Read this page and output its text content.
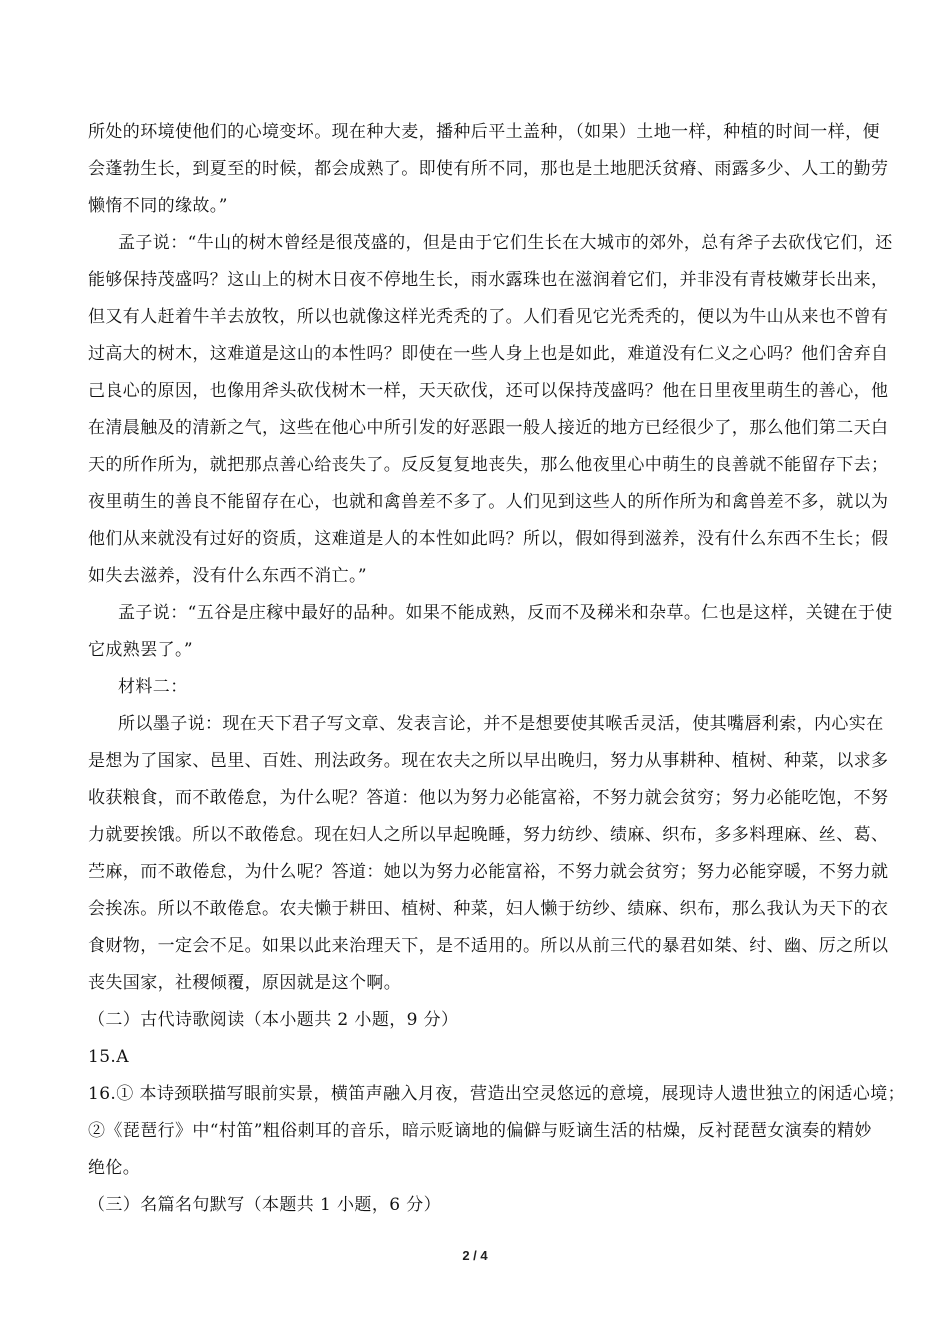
所处的环境使他们的心境变坏。现在种大麦，播种后平土盖种，（如果）土地一样，种植的时间一样，便
会蓬勃生长，到夏至的时候，都会成熟了。即使有所不同，那也是土地肥沃贫瘠、雨露多少、人工的勤劳
懒惰不同的缘故。”
孟子说：“牛山的树木曾经是很茂盛的，但是由于它们生长在大城市的郊外，总有斧子去砍伐它们，还
能够保持茂盛吗？这山上的树木日夜不停地生长，雨水露珠也在滋润着它们，并非没有青枝嫩芽长出来，
但又有人赶着牛羊去放牧，所以也就像这样光秃秃的了。人们看见它光秃秃的，便以为牛山从来也不曾有
过高大的树木，这难道是这山的本性吗？即使在一些人身上也是如此，难道没有仁义之心吗？他们舍弃自
己良心的原因，也像用斧头砍伐树木一样，天天砍伐，还可以保持茂盛吗？他在日里夜里萌生的善心，他
在清晨触及的清新之气，这些在他心中所引发的好恶跟一般人接近的地方已经很少了，那么他们第二天白
天的所作所为，就把那点善心给丧失了。反反复复地丧失，那么他夜里心中萌生的良善就不能留存下去；
夜里萌生的善良不能留存在心，也就和禽兽差不多了。人们见到这些人的所作所为和禽兽差不多，就以为
他们从来就没有过好的资质，这难道是人的本性如此吗？所以，假如得到滋养，没有什么东西不生长；假
如失去滋养，没有什么东西不消亡。”
孟子说：“五谷是庄稼中最好的品种。如果不能成熟，反而不及稊米和杂草。仁也是这样，关键在于使
它成熟罢了。”
材料二：
所以墨子说：现在天下君子写文章、发表言论，并不是想要使其喉舌灵活，使其嘴唇利索，内心实在
是想为了国家、邑里、百姓、刑法政务。现在农夫之所以早出晚归，努力从事耕种、植树、种菜，以求多
收获粮食，而不敢倦怠，为什么呢？答道：他以为努力必能富裕，不努力就会贫穷；努力必能吃饱，不努
力就要挨饿。所以不敢倦怠。现在妇人之所以早起晚睡，努力纺纱、绩麻、织布，多多料理麻、丝、葛、
苎麻，而不敢倦怠，为什么呢？答道：她以为努力必能富裕，不努力就会贫穷；努力必能穿暖，不努力就
会挨冻。所以不敢倦怠。农夫懒于耕田、植树、种菜，妇人懒于纺纱、绩麻、织布，那么我认为天下的衣
食财物，一定会不足。如果以此来治理天下，是不适用的。所以从前三代的暴君如桀、纣、幽、厉之所以
丧失国家，社稷倾覆，原因就是这个啊。
（二）古代诗歌阅读（本小题共 2 小题，9 分）
15.A
16.① 本诗颈联描写眼前实景，横笛声融入月夜，营造出空灵悠远的意境，展现诗人遗世独立的闲适心境；
②《琵琶行》中“村笛”粗俗刺耳的音乐，暗示贬谪地的偏僻与贬谪生活的枯燥，反衬琵琶女演奏的精妙
绝伦。
（三）名篇名句默写（本题共 1 小题，6 分）
2 / 4
